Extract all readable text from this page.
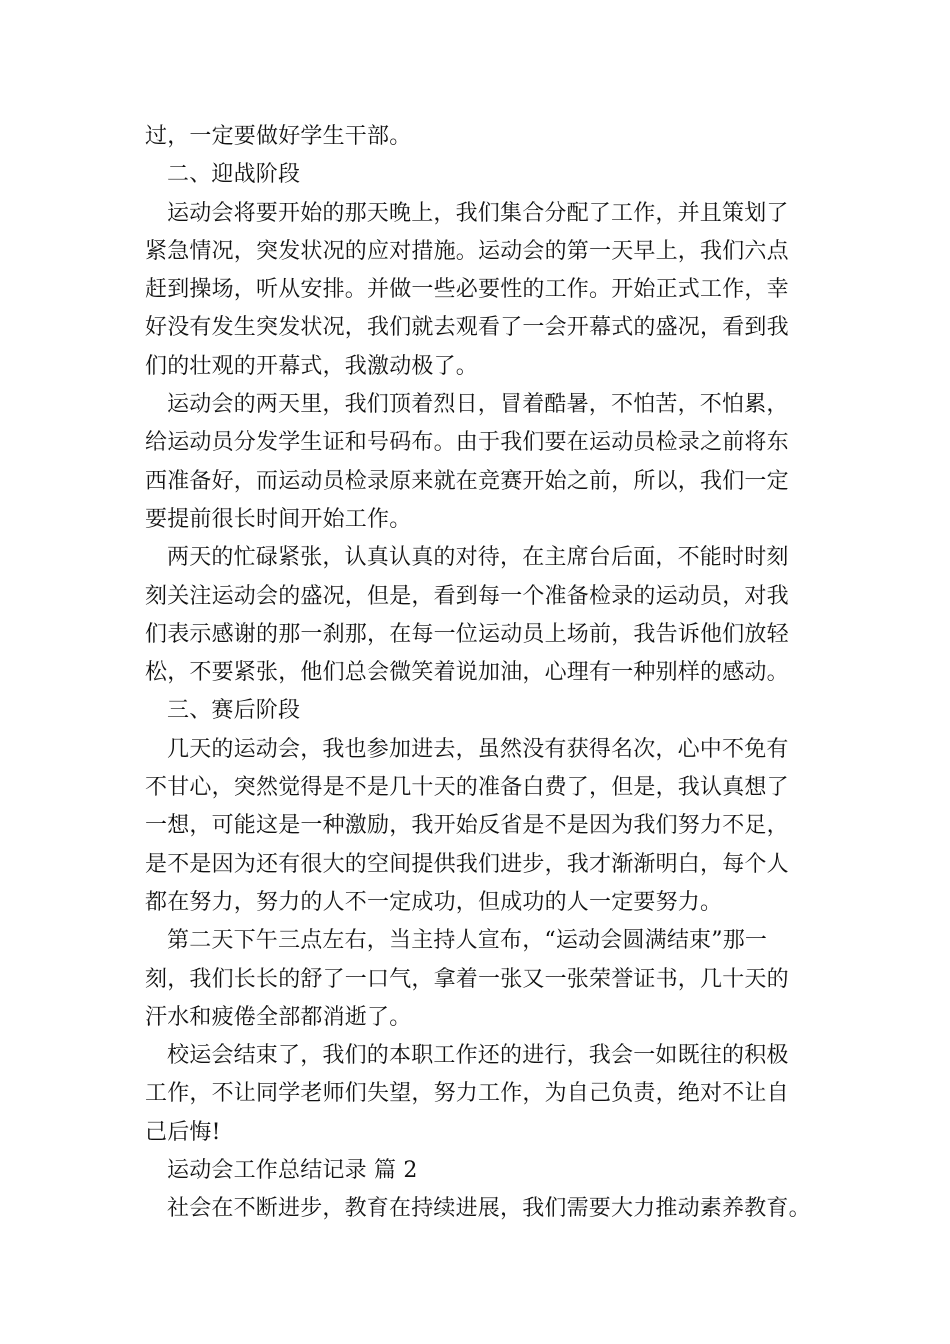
过，一定要做好学生干部。
二、迎战阶段
运动会将要开始的那天晚上，我们集合分配了工作，并且策划了
紧急情况，突发状况的应对措施。运动会的第一天早上，我们六点
赶到操场，听从安排。并做一些必要性的工作。开始正式工作，幸
好没有发生突发状况，我们就去观看了一会开幕式的盛况，看到我
们的壮观的开幕式，我激动极了。
运动会的两天里，我们顶着烈日，冒着酷暑，不怕苦，不怕累，
给运动员分发学生证和号码布。由于我们要在运动员检录之前将东
西准备好，而运动员检录原来就在竞赛开始之前，所以，我们一定
要提前很长时间开始工作。
两天的忙碌紧张，认真认真的对待，在主席台后面，不能时时刻
刻关注运动会的盛况，但是，看到每一个准备检录的运动员，对我
们表示感谢的那一刹那，在每一位运动员上场前，我告诉他们放轻
松，不要紧张，他们总会微笑着说加油，心理有一种别样的感动。
三、赛后阶段
几天的运动会，我也参加进去，虽然没有获得名次，心中不免有
不甘心，突然觉得是不是几十天的准备白费了，但是，我认真想了
一想，可能这是一种激励，我开始反省是不是因为我们努力不足，
是不是因为还有很大的空间提供我们进步，我才渐渐明白，每个人
都在努力，努力的人不一定成功，但成功的人一定要努力。
第二天下午三点左右，当主持人宣布，“运动会圆满结束”那一
刻，我们长长的舒了一口气，拿着一张又一张荣誉证书，几十天的
汗水和疲倦全部都消逝了。
校运会结束了，我们的本职工作还的进行，我会一如既往的积极
工作，不让同学老师们失望，努力工作，为自己负责，绝对不让自
己后悔!
运动会工作总结记录 篇 2
社会在不断进步，教育在持续进展，我们需要大力推动素养教育。
